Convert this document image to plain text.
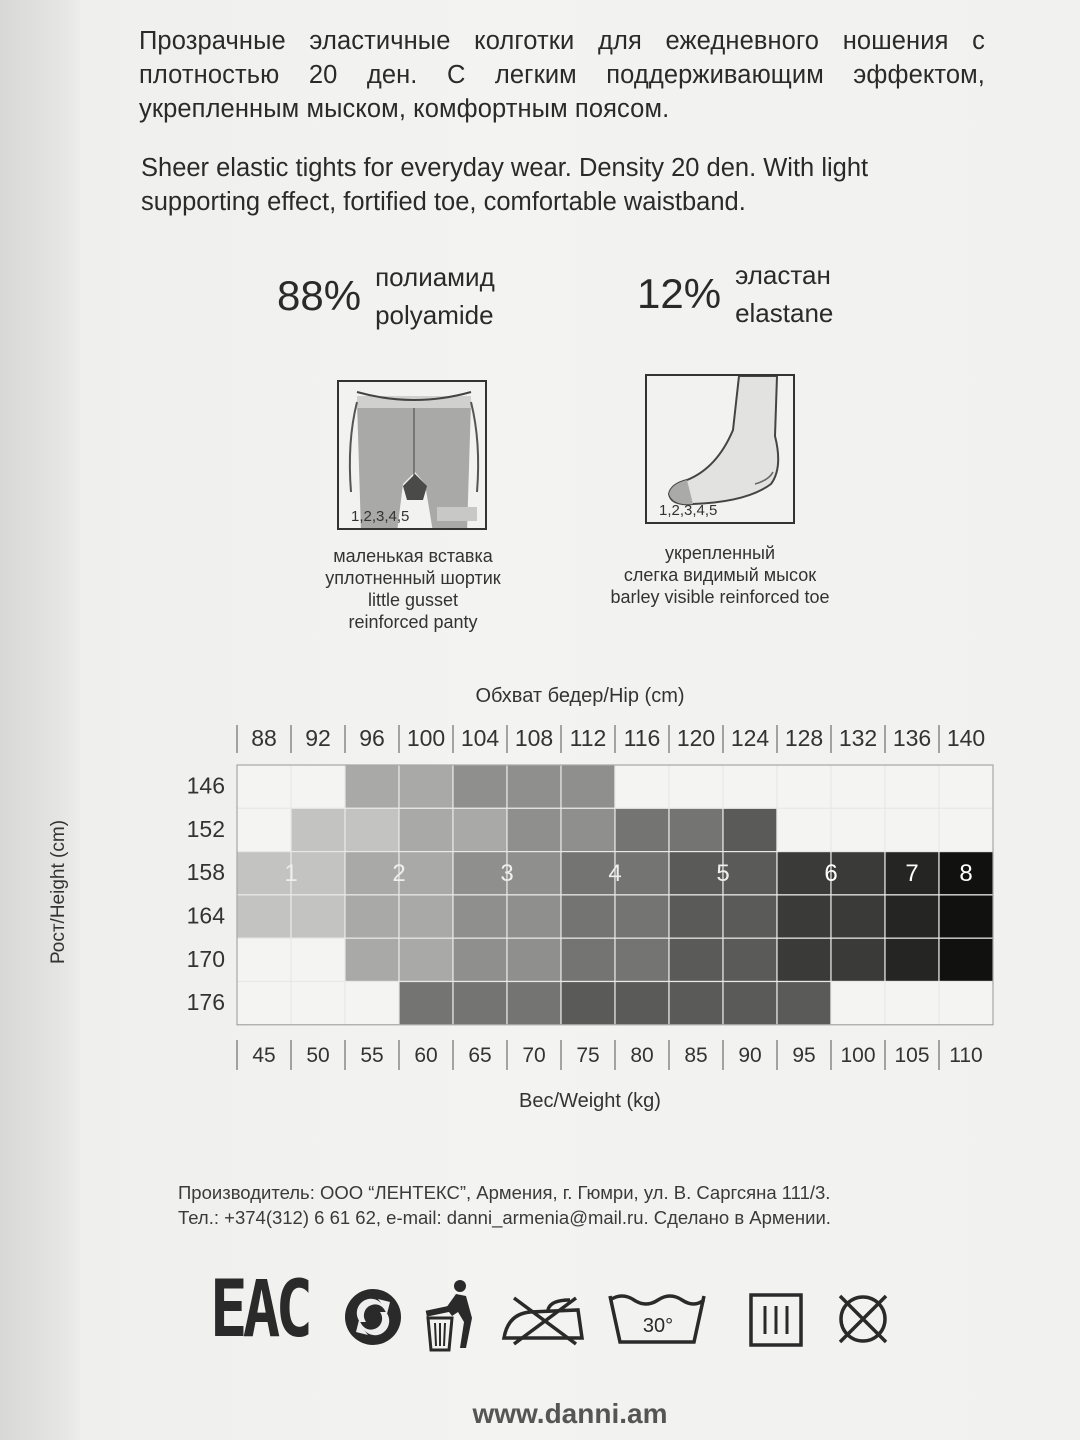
Прозрачные эластичные колготки для ежедневного ношения с плотностью 20 ден. С легким поддерживающим эффектом, укрепленным мыском, комфортным поясом.

Sheer elastic tights for everyday wear. Density 20 den. With light supporting effect, fortified toe, comfortable waistband.

88% полиамид
polyamide	12% эластан
elastane
1,2,3,4,5	1,2,3,4,5
маленькая вставка
уплотненный шортик
little gusset
reinforced panty
укрепленный
слегка видимый мысок
barley visible reinforced toe
Обхват бедер/Hip (cm)
Рост/Height (cm)
Вес/Weight (kg)
1	2	3	4	5	6	7 8
88 92 96 100 104 108 112 116 120 124 128 132 136 140
45 50 55 60 65 70 75 80 85 90 95 100 105 110
146
152
158
164
170
176

Производитель: ООО “ЛЕНТЕКС”, Армения, г. Гюмри, ул. В. Саргсяна 111/3.
Тел.: +374(312) 6 61 62, e-mail: danni_armenia@mail.ru. Сделано в Армении.

EAC	30°
www.danni.am
